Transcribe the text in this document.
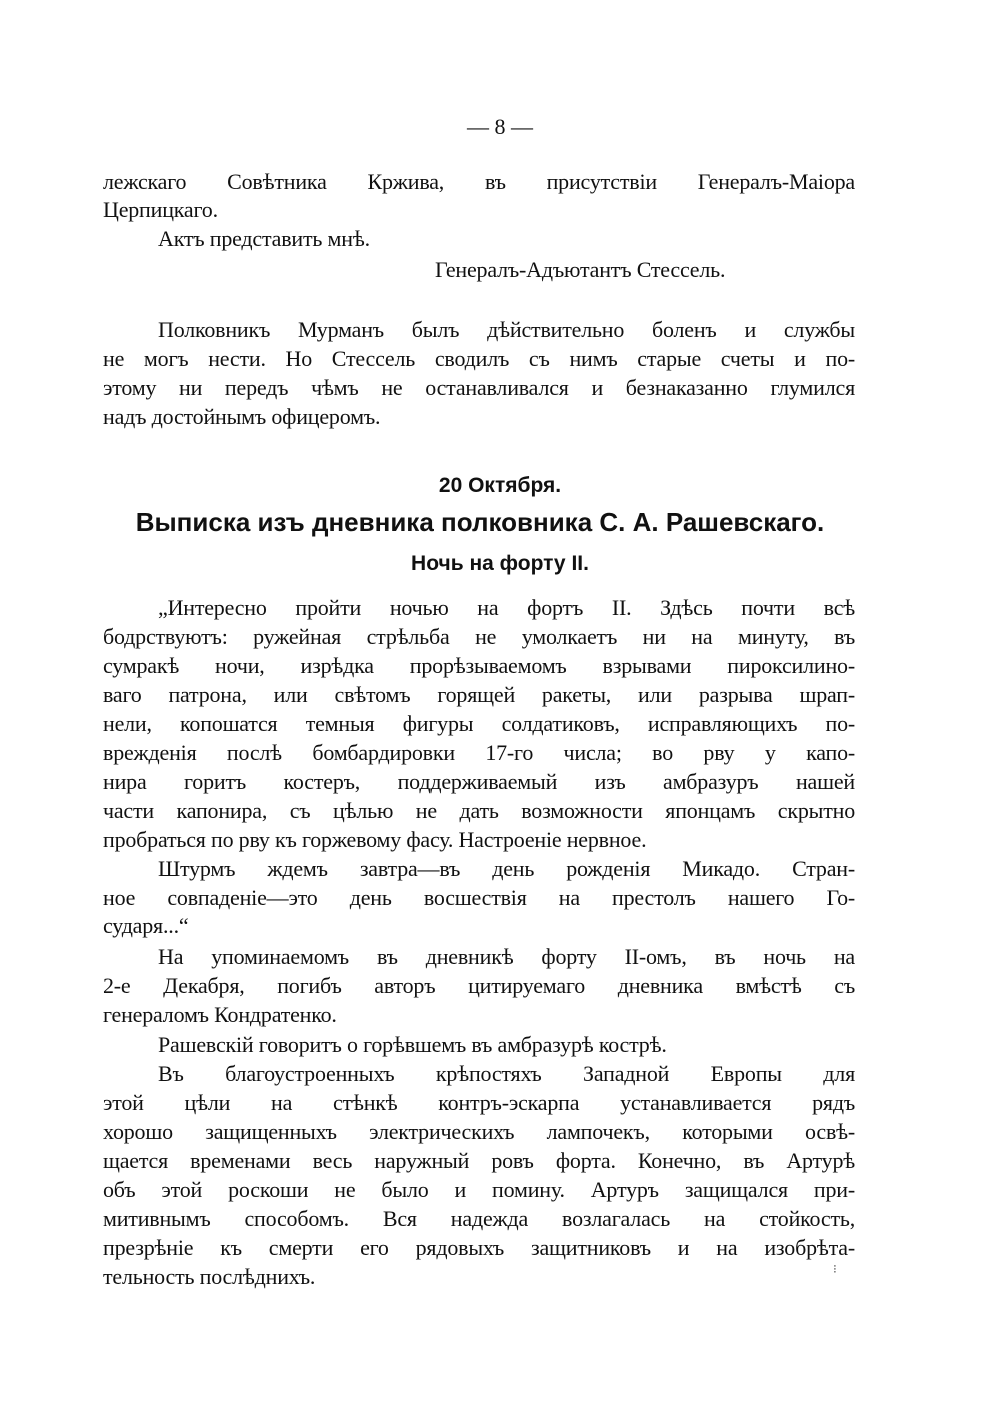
— 8 —
20 Октября.
Выписка изъ дневника полковника С. А. Рашевскаго.
Ночь на форту II.
⁝
лежскаго Совѣтника Кржива, въ присутствіи Генералъ-Маіора
Церпицкаго.
Актъ представить мнѣ.
Генералъ-Адъютантъ Стессель.
Полковникъ Мурманъ былъ дѣйствительно боленъ и службы
не могъ нести. Но Стессель сводилъ съ нимъ старые счеты и по-
этому ни передъ чѣмъ не останавливался и безнаказанно глумился
надъ достойнымъ офицеромъ.
„Интересно пройти ночью на фортъ II. Здѣсь почти всѣ
бодрствуютъ: ружейная стрѣльба не умолкаетъ ни на минуту, въ
сумракѣ ночи, изрѣдка прорѣзываемомъ взрывами пироксилино-
ваго патрона, или свѣтомъ горящей ракеты, или разрыва шрап-
нели, копошатся темныя фигуры солдатиковъ, исправляющихъ по-
врежденія послѣ бомбардировки 17-го числа; во рву у капо-
нира горитъ костеръ, поддерживаемый изъ амбразуръ нашей
части капонира, съ цѣлью не дать возможности японцамъ скрытно
пробраться по рву къ горжевому фасу. Настроеніе нервное.
Штурмъ ждемъ завтра—въ день рожденія Микадо. Стран-
ное совпаденіе—это день восшествія на престолъ нашего Го-
сударя...“
На упоминаемомъ въ дневникѣ форту II-омъ, въ ночь на
2-е Декабря, погибъ авторъ цитируемаго дневника вмѣстѣ съ
генераломъ Кондратенко.
Рашевскій говоритъ о горѣвшемъ въ амбразурѣ кострѣ.
Въ благоустроенныхъ крѣпостяхъ Западной Европы для
этой цѣли на стѣнкѣ контръ-эскарпа устанавливается рядъ
хорошо защищенныхъ электрическихъ лампочекъ, которыми освѣ-
щается временами весь наружный ровъ форта. Конечно, въ Артурѣ
объ этой роскоши не было и помину. Артуръ защищался при-
митивнымъ способомъ. Вся надежда возлагалась на стойкость,
презрѣніе къ смерти его рядовыхъ защитниковъ и на изобрѣта-
тельность послѣднихъ.
